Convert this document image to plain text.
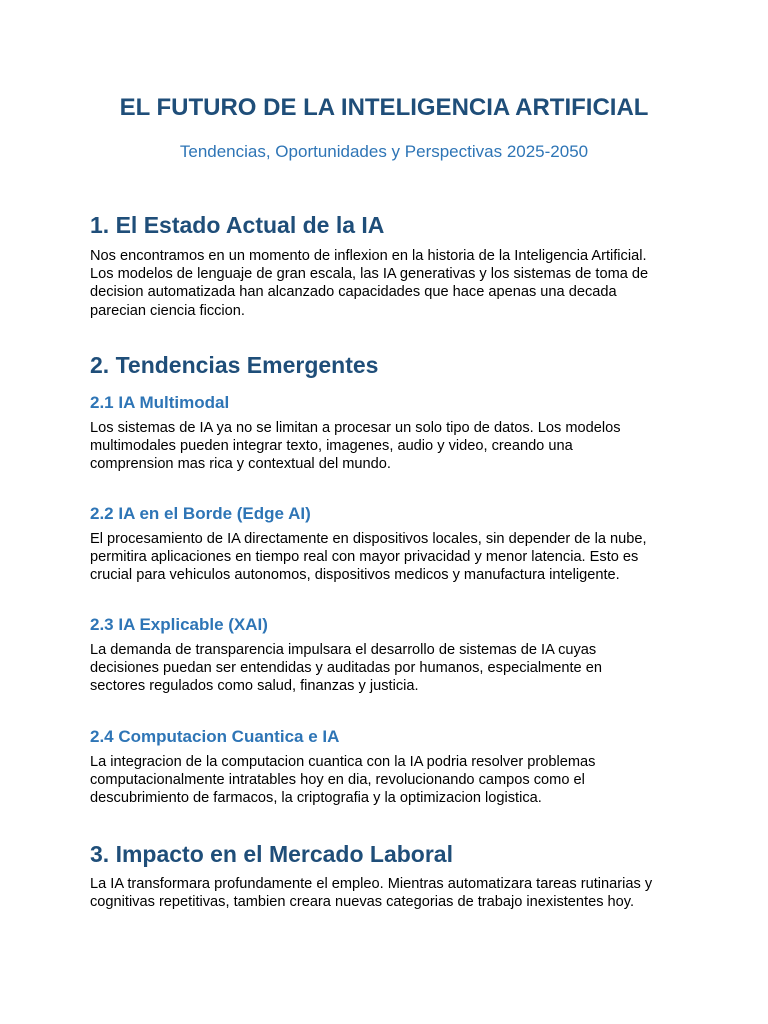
EL FUTURO DE LA INTELIGENCIA ARTIFICIAL

Tendencias, Oportunidades y Perspectivas 2025-2050

1. El Estado Actual de la IA
Nos encontramos en un momento de inflexion en la historia de la Inteligencia Artificial.
Los modelos de lenguaje de gran escala, las IA generativas y los sistemas de toma de
decision automatizada han alcanzado capacidades que hace apenas una decada
parecian ciencia ficcion.
2. Tendencias Emergentes
2.1 IA Multimodal
Los sistemas de IA ya no se limitan a procesar un solo tipo de datos. Los modelos
multimodales pueden integrar texto, imagenes, audio y video, creando una
comprension mas rica y contextual del mundo.
2.2 IA en el Borde (Edge AI)
El procesamiento de IA directamente en dispositivos locales, sin depender de la nube,
permitira aplicaciones en tiempo real con mayor privacidad y menor latencia. Esto es
crucial para vehiculos autonomos, dispositivos medicos y manufactura inteligente.
2.3 IA Explicable (XAI)
La demanda de transparencia impulsara el desarrollo de sistemas de IA cuyas
decisiones puedan ser entendidas y auditadas por humanos, especialmente en
sectores regulados como salud, finanzas y justicia.
2.4 Computacion Cuantica e IA
La integracion de la computacion cuantica con la IA podria resolver problemas
computacionalmente intratables hoy en dia, revolucionando campos como el
descubrimiento de farmacos, la criptografia y la optimizacion logistica.
3. Impacto en el Mercado Laboral
La IA transformara profundamente el empleo. Mientras automatizara tareas rutinarias y
cognitivas repetitivas, tambien creara nuevas categorias de trabajo inexistentes hoy.
